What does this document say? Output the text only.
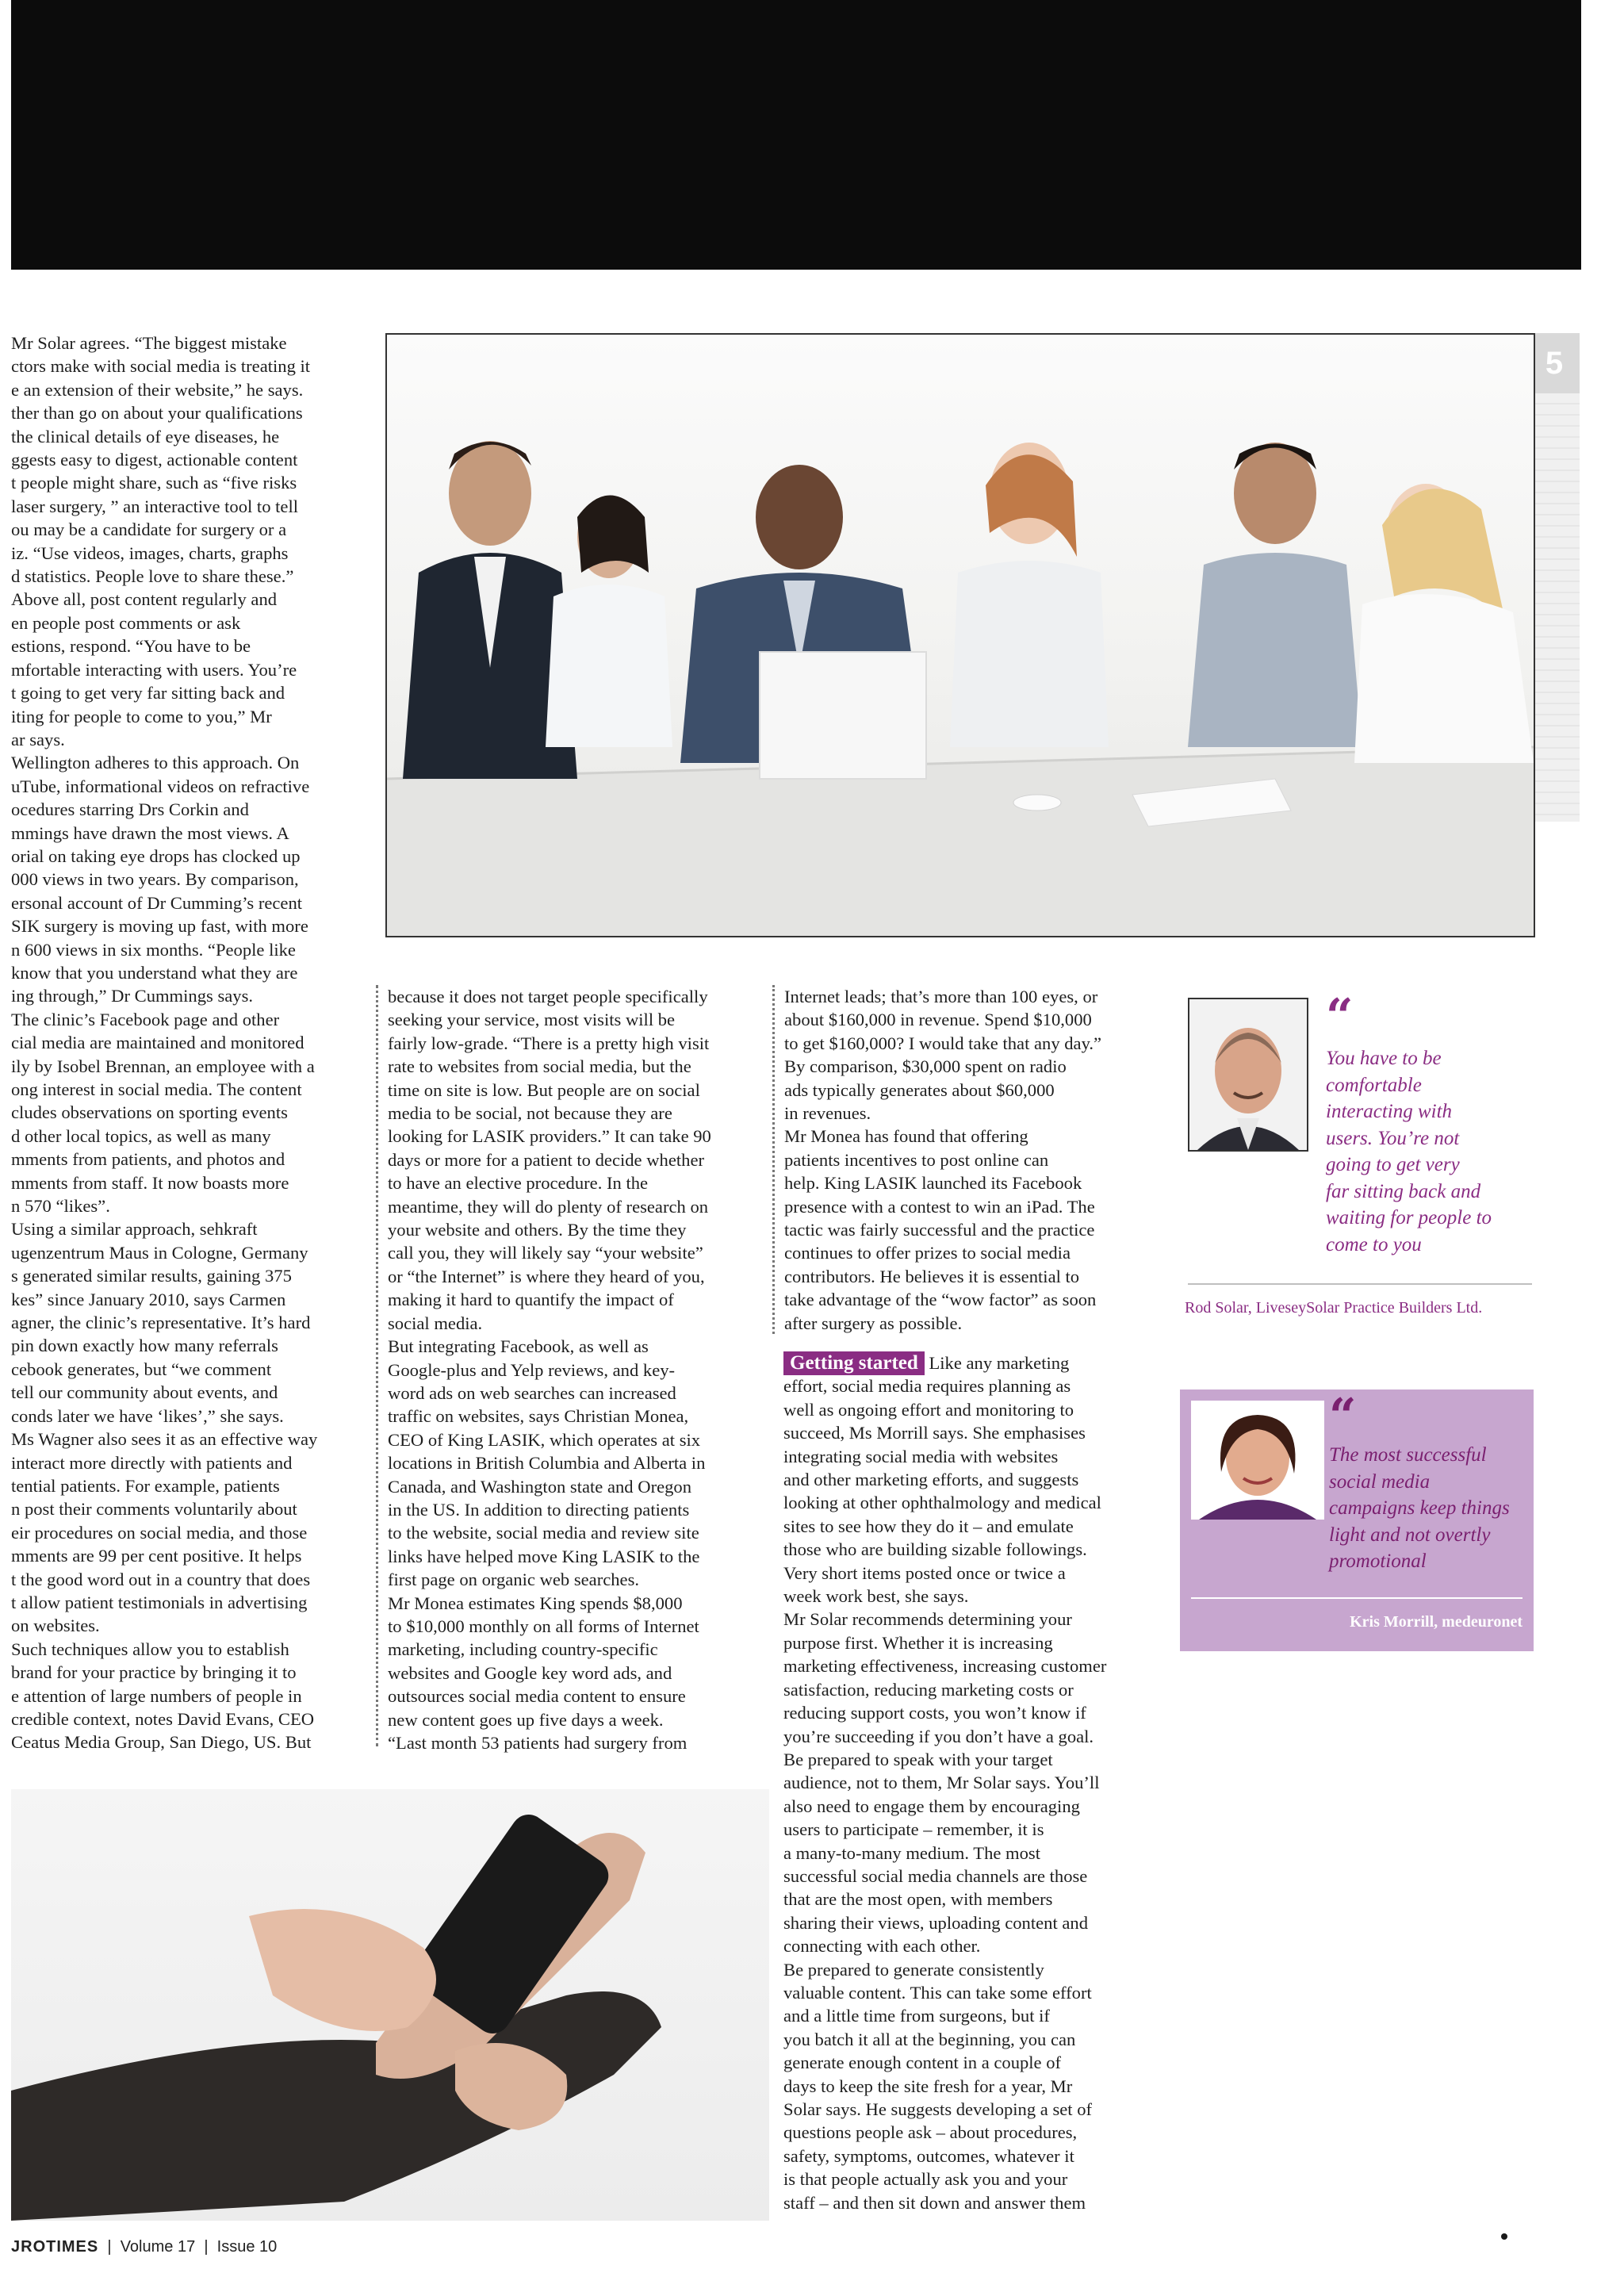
5
Mr Solar agrees. “The biggest mistake
ctors make with social media is treating it
e an extension of their website,” he says.
ther than go on about your qualifications
the clinical details of eye diseases, he
ggests easy to digest, actionable content
t people might share, such as “five risks
laser surgery, ” an interactive tool to tell
ou may be a candidate for surgery or a
iz. “Use videos, images, charts, graphs
d statistics. People love to share these.”
Above all, post content regularly and
en people post comments or ask
estions, respond. “You have to be
mfortable interacting with users. You’re
t going to get very far sitting back and
iting for people to come to you,” Mr
ar says.
Wellington adheres to this approach. On
uTube, informational videos on refractive
ocedures starring Drs Corkin and
mmings have drawn the most views. A
orial on taking eye drops has clocked up
000 views in two years. By comparison,
ersonal account of Dr Cumming’s recent
SIK surgery is moving up fast, with more
n 600 views in six months. “People like
know that you understand what they are
ing through,” Dr Cummings says.
The clinic’s Facebook page and other
cial media are maintained and monitored
ily by Isobel Brennan, an employee with a
ong interest in social media. The content
cludes observations on sporting events
d other local topics, as well as many
mments from patients, and photos and
mments from staff. It now boasts more
n 570 “likes”.
Using a similar approach, sehkraft
ugenzentrum Maus in Cologne, Germany
s generated similar results, gaining 375
kes” since January 2010, says Carmen
agner, the clinic’s representative. It’s hard
pin down exactly how many referrals
cebook generates, but “we comment
tell our community about events, and
conds later we have ‘likes’,” she says.
Ms Wagner also sees it as an effective way
interact more directly with patients and
tential patients. For example, patients
n post their comments voluntarily about
eir procedures on social media, and those
mments are 99 per cent positive. It helps
t the good word out in a country that does
t allow patient testimonials in advertising
on websites.
Such techniques allow you to establish
brand for your practice by bringing it to
e attention of large numbers of people in
credible context, notes David Evans, CEO
Ceatus Media Group, San Diego, US. But
because it does not target people specifically
seeking your service, most visits will be
fairly low-grade. “There is a pretty high visit
rate to websites from social media, but the
time on site is low. But people are on social
media to be social, not because they are
looking for LASIK providers.” It can take 90
days or more for a patient to decide whether
to have an elective procedure. In the
meantime, they will do plenty of research on
your website and others. By the time they
call you, they will likely say “your website”
or “the Internet” is where they heard of you,
making it hard to quantify the impact of
social media.
But integrating Facebook, as well as
Google-plus and Yelp reviews, and key-
word ads on web searches can increased
traffic on websites, says Christian Monea,
CEO of King LASIK, which operates at six
locations in British Columbia and Alberta in
Canada, and Washington state and Oregon
in the US. In addition to directing patients
to the website, social media and review site
links have helped move King LASIK to the
first page on organic web searches.
Mr Monea estimates King spends $8,000
to $10,000 monthly on all forms of Internet
marketing, including country-specific
websites and Google key word ads, and
outsources social media content to ensure
new content goes up five days a week.
“Last month 53 patients had surgery from
Internet leads; that’s more than 100 eyes, or
about $160,000 in revenue. Spend $10,000
to get $160,000? I would take that any day.”
By comparison, $30,000 spent on radio
ads typically generates about $60,000
in revenues.
Mr Monea has found that offering
patients incentives to post online can
help. King LASIK launched its Facebook
presence with a contest to win an iPad. The
tactic was fairly successful and the practice
continues to offer prizes to social media
contributors. He believes it is essential to
take advantage of the “wow factor” as soon
after surgery as possible.
Getting started Like any marketing
effort, social media requires planning as
well as ongoing effort and monitoring to
succeed, Ms Morrill says. She emphasises
integrating social media with websites
and other marketing efforts, and suggests
looking at other ophthalmology and medical
sites to see how they do it – and emulate
those who are building sizable followings.
Very short items posted once or twice a
week work best, she says.
Mr Solar recommends determining your
purpose first. Whether it is increasing
marketing effectiveness, increasing customer
satisfaction, reducing marketing costs or
reducing support costs, you won’t know if
you’re succeeding if you don’t have a goal.
Be prepared to speak with your target
audience, not to them, Mr Solar says. You’ll
also need to engage them by encouraging
users to participate – remember, it is
a many-to-many medium. The most
successful social media channels are those
that are the most open, with members
sharing their views, uploading content and
connecting with each other.
Be prepared to generate consistently
valuable content. This can take some effort
and a little time from surgeons, but if
you batch it all at the beginning, you can
generate enough content in a couple of
days to keep the site fresh for a year, Mr
Solar says. He suggests developing a set of
questions people ask – about procedures,
safety, symptoms, outcomes, whatever it
is that people actually ask you and your
staff – and then sit down and answer them
“
You have to be
comfortable
interacting with
users. You’re not
going to get very
far sitting back and
waiting for people to
come to you
Rod Solar, LiveseySolar Practice Builders Ltd.
“
The most successful
social media
campaigns keep things
light and not overtly
promotional
Kris Morrill, medeuronet
JROTIMES  |  Volume 17  |  Issue 10
